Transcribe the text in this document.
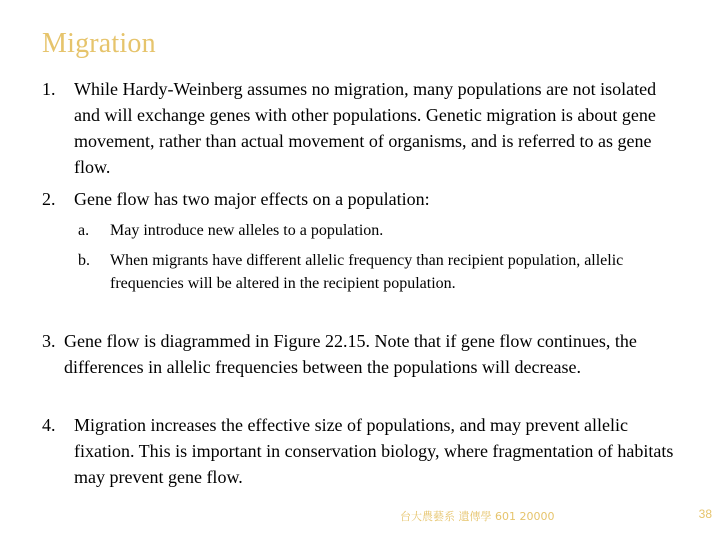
Migration
1. While Hardy-Weinberg assumes no migration, many populations are not isolated and will exchange genes with other populations. Genetic migration is about gene movement, rather than actual movement of organisms, and is referred to as gene flow.
2. Gene flow has two major effects on a population:
a. May introduce new alleles to a population.
b. When migrants have different allelic frequency than recipient population, allelic frequencies will be altered in the recipient population.
3. Gene flow is diagrammed in Figure 22.15. Note that if gene flow continues, the differences in allelic frequencies between the populations will decrease.
4. Migration increases the effective size of populations, and may prevent allelic fixation. This is important in conservation biology, where fragmentation of habitats may prevent gene flow.
台大農藝系 遺傳學 601 20000	38
